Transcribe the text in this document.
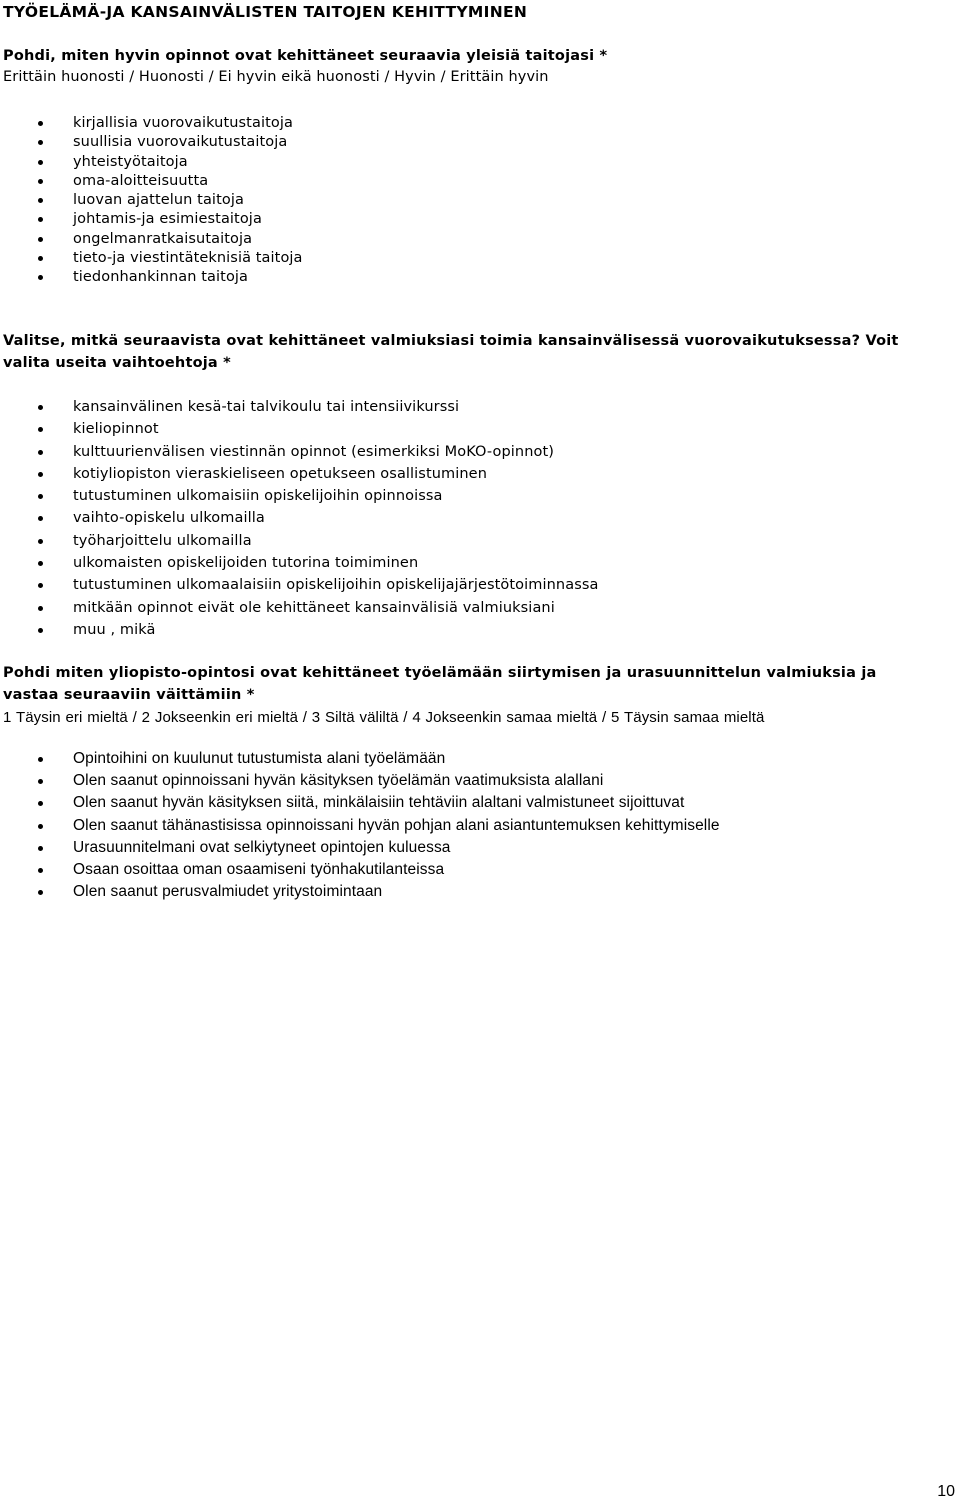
TYÖELÄMÄ-JA KANSAINVÄLISTEN TAITOJEN KEHITTYMINEN

Pohdi, miten hyvin opinnot ovat kehittäneet seuraavia yleisiä taitojasi *

Erittäin huonosti / Huonosti / Ei hyvin eikä huonosti / Hyvin / Erittäin hyvin

kirjallisia vuorovaikutustaitoja
suullisia vuorovaikutustaitoja
yhteistyötaitoja
oma-aloitteisuutta
luovan ajattelun taitoja
johtamis-ja esimiestaitoja
ongelmanratkaisutaitoja
tieto-ja viestintäteknisiä taitoja
tiedonhankinnan taitoja

Valitse, mitkä seuraavista ovat kehittäneet valmiuksiasi toimia kansainvälisessä vuorovaikutuksessa? Voit

valita useita vaihtoehtoja *

kansainvälinen kesä-tai talvikoulu tai intensiivikurssi
kieliopinnot
kulttuurienvälisen viestinnän opinnot (esimerkiksi MoKO-opinnot)
kotiyliopiston vieraskieliseen opetukseen osallistuminen
tutustuminen ulkomaisiin opiskelijoihin opinnoissa
vaihto-opiskelu ulkomailla
työharjoittelu ulkomailla
ulkomaisten opiskelijoiden tutorina toimiminen
tutustuminen ulkomaalaisiin opiskelijoihin opiskelijajärjestötoiminnassa
mitkään opinnot eivät ole kehittäneet kansainvälisiä valmiuksiani
muu , mikä

Pohdi miten yliopisto-opintosi ovat kehittäneet työelämään siirtymisen ja urasuunnittelun valmiuksia ja

vastaa seuraaviin väittämiin *

1 Täysin eri mieltä / 2 Jokseenkin eri mieltä / 3 Siltä väliltä / 4 Jokseenkin samaa mieltä / 5 Täysin samaa mieltä

Opintoihini on kuulunut tutustumista alani työelämään
Olen saanut opinnoissani hyvän käsityksen työelämän vaatimuksista alallani
Olen saanut hyvän käsityksen siitä, minkälaisiin tehtäviin alaltani valmistuneet sijoittuvat
Olen saanut tähänastisissa opinnoissani hyvän pohjan alani asiantuntemuksen kehittymiselle
Urasuunnitelmani ovat selkiytyneet opintojen kuluessa
Osaan osoittaa oman osaamiseni työnhakutilanteissa
Olen saanut perusvalmiudet yritystoimintaan
10
